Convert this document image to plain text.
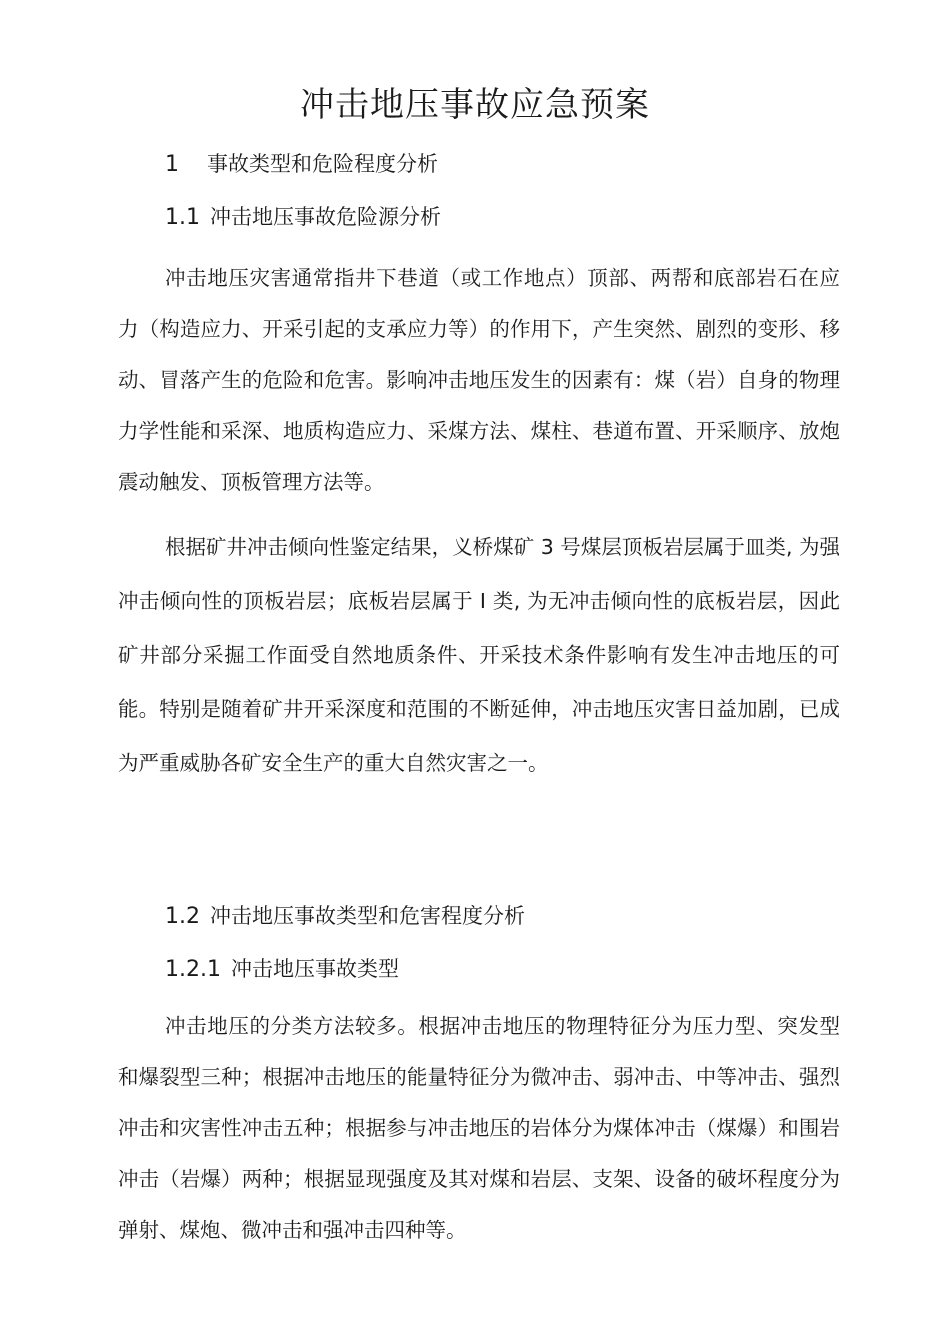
冲击地压事故应急预案
1 事故类型和危险程度分析
1.1 冲击地压事故危险源分析

冲击地压灾害通常指井下巷道（或工作地点）顶部、两帮和底部岩石在应力（构造应力、开采引起的支承应力等）的作用下，产生突然、剧烈的变形、移动、冒落产生的危险和危害。影响冲击地压发生的因素有：煤（岩）自身的物理力学性能和采深、地质构造应力、采煤方法、煤柱、巷道布置、开采顺序、放炮震动触发、顶板管理方法等。

根据矿井冲击倾向性鉴定结果，义桥煤矿 3 号煤层顶板岩层属于皿类, 为强冲击倾向性的顶板岩层；底板岩层属于 I 类, 为无冲击倾向性的底板岩层，因此矿井部分采掘工作面受自然地质条件、开采技术条件影响有发生冲击地压的可能。特别是随着矿井开采深度和范围的不断延伸，冲击地压灾害日益加剧，已成为严重威胁各矿安全生产的重大自然灾害之一。

1.2 冲击地压事故类型和危害程度分析
1.2.1 冲击地压事故类型

冲击地压的分类方法较多。根据冲击地压的物理特征分为压力型、突发型和爆裂型三种；根据冲击地压的能量特征分为微冲击、弱冲击、中等冲击、强烈冲击和灾害性冲击五种；根据参与冲击地压的岩体分为煤体冲击（煤爆）和围岩冲击（岩爆）两种；根据显现强度及其对煤和岩层、支架、设备的破坏程度分为弹射、煤炮、微冲击和强冲击四种等。
